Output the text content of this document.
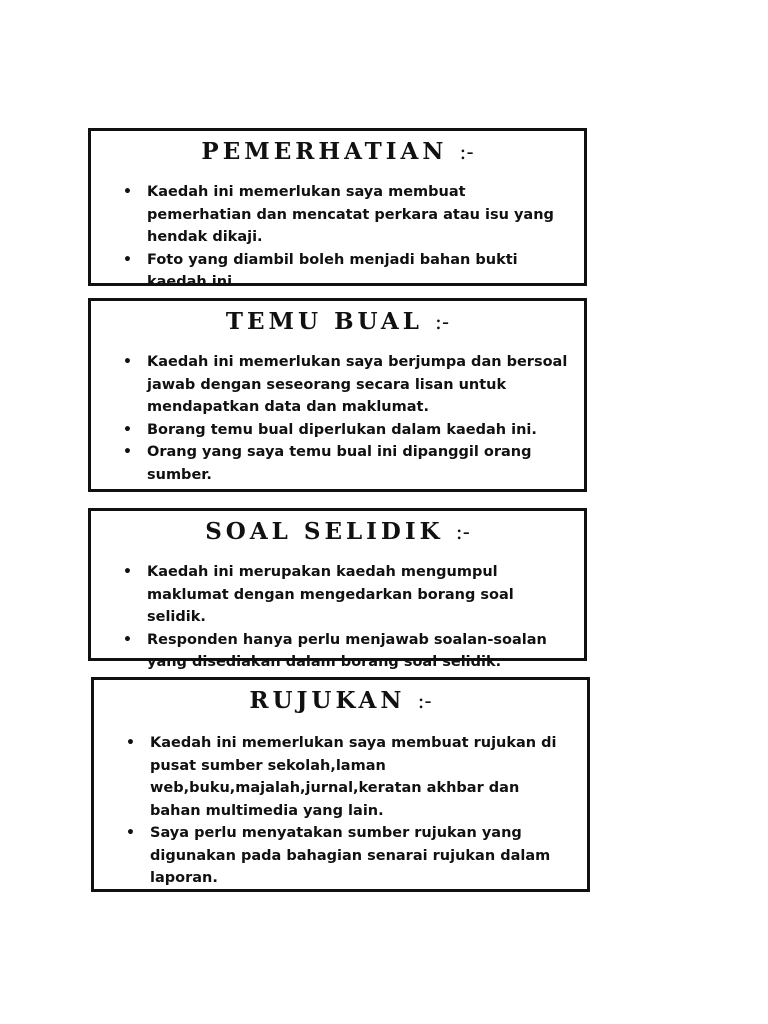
PEMERHATIAN :-
• Kaedah ini memerlukan saya membuat pemerhatian dan mencatat perkara atau isu yang hendak dikaji.
• Foto yang diambil boleh menjadi bahan bukti kaedah ini.
TEMU BUAL :-
• Kaedah ini memerlukan saya berjumpa dan bersoal jawab dengan seseorang secara lisan untuk mendapatkan data dan maklumat.
• Borang temu bual diperlukan dalam kaedah ini.
• Orang yang saya temu bual ini dipanggil orang sumber.
SOAL SELIDIK :-
• Kaedah ini merupakan kaedah mengumpul maklumat dengan mengedarkan borang soal selidik.
• Responden hanya perlu menjawab soalan-soalan yang disediakan dalam borang soal selidik.
RUJUKAN :-
• Kaedah ini memerlukan saya membuat rujukan di pusat sumber sekolah,laman web,buku,majalah,jurnal,keratan akhbar dan bahan multimedia yang lain.
• Saya perlu menyatakan sumber rujukan yang digunakan pada bahagian senarai rujukan dalam laporan.
